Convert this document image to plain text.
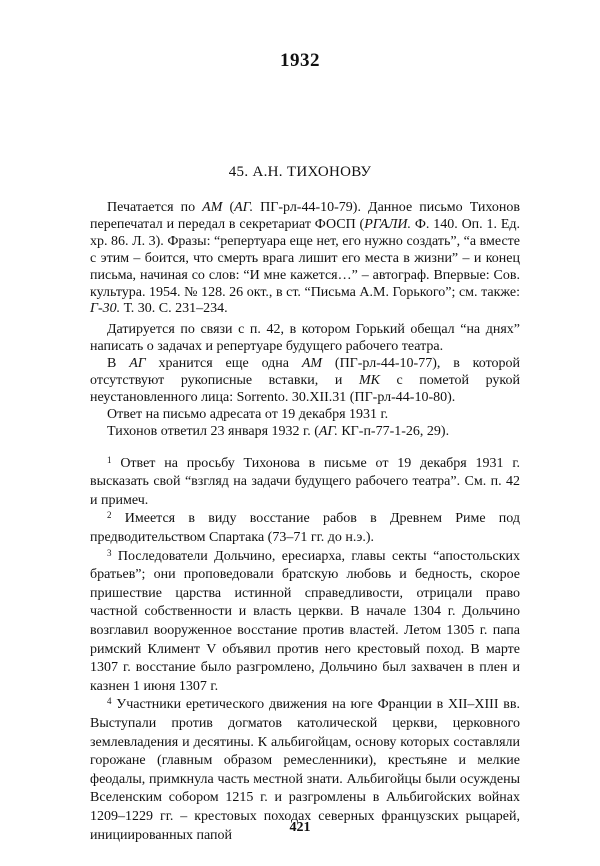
1932
45. А.Н. ТИХОНОВУ

Печатается по АМ (АГ. ПГ-рл-44-10-79). Данное письмо Тихонов перепечатал и передал в секретариат ФОСП (РГАЛИ. Ф. 140. Оп. 1. Ед. хр. 86. Л. 3). Фразы: “репертуара еще нет, его нужно создать”, “а вместе с этим – боится, что смерть врага лишит его места в жизни” – и конец письма, начиная со слов: “И мне кажется…” – автограф. Впервые: Сов. культура. 1954. № 128. 26 окт., в ст. “Письма А.М. Горького”; см. также: Г-30. Т. 30. С. 231–234.

Датируется по связи с п. 42, в котором Горький обещал “на днях” написать о задачах и репертуаре будущего рабочего театра.

В АГ хранится еще одна АМ (ПГ-рл-44-10-77), в которой отсутствуют рукописные вставки, и МК с пометой рукой неустановленного лица: Sorrento. 30.XII.31 (ПГ-рл-44-10-80).

Ответ на письмо адресата от 19 декабря 1931 г.

Тихонов ответил 23 января 1932 г. (АГ. КГ-п-77-1-26, 29).

$^1$ Ответ на просьбу Тихонова в письме от 19 декабря 1931 г. высказать свой “взгляд на задачи будущего рабочего театра”. См. п. 42 и примеч.

$^2$ Имеется в виду восстание рабов в Древнем Риме под предводительством Спартака (73–71 гг. до н.э.).

$^3$ Последователи Дольчино, ересиарха, главы секты “апостольских братьев”; они проповедовали братскую любовь и бедность, скорое пришествие царства истинной справедливости, отрицали право частной собственности и власть церкви. В начале 1304 г. Дольчино возглавил вооруженное восстание против властей. Летом 1305 г. папа римский Климент V объявил против него крестовый поход. В марте 1307 г. восстание было разгромлено, Дольчино был захвачен в плен и казнен 1 июня 1307 г.

$^4$ Участники еретического движения на юге Франции в XII–XIII вв. Выступали против догматов католической церкви, церковного землевладения и десятины. К альбигойцам, основу которых составляли горожане (главным образом ремесленники), крестьяне и мелкие феодалы, примкнула часть местной знати. Альбигойцы были осуждены Вселенским собором 1215 г. и разгромлены в Альбигойских войнах 1209–1229 гг. – крестовых походах северных французских рыцарей, инициированных папой

421
